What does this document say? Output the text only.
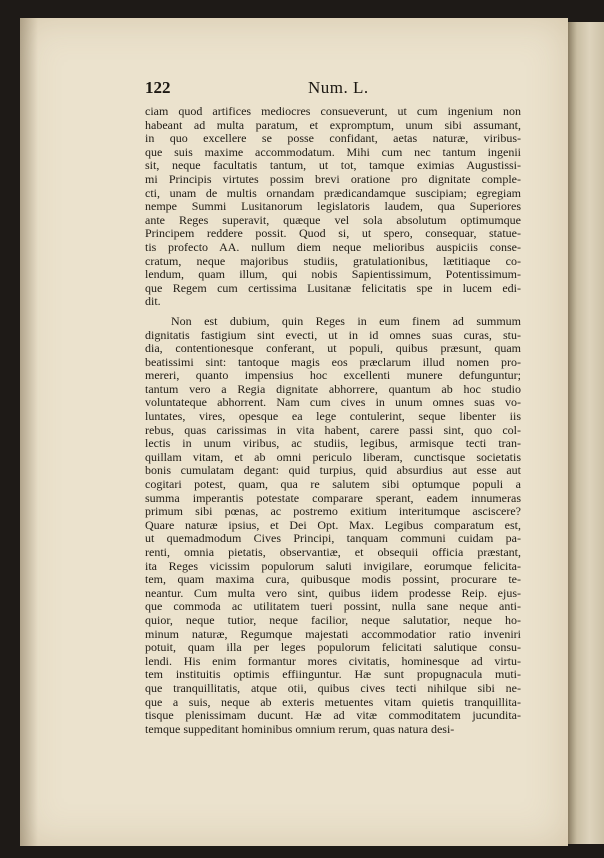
122	Num. L.
ciam quod artifices mediocres consueverunt, ut cum ingenium non
habeant ad multa paratum, et expromptum, unum sibi assumant,
in quo excellere se posse confidant, aetas naturæ, viribus-
que suis maxime accommodatum. Mihi cum nec tantum ingenii
sit, neque facultatis tantum, ut tot, tamque eximias Augustissi-
mi Principis virtutes possim brevi oratione pro dignitate comple-
cti, unam de multis ornandam prædicandamque suscipiam; egregiam
nempe Summi Lusitanorum legislatoris laudem, qua Superiores
ante Reges superavit, quæque vel sola absolutum optimumque
Principem reddere possit. Quod si, ut spero, consequar, statue-
tis profecto AA. nullum diem neque melioribus auspiciis conse-
cratum, neque majoribus studiis, gratulationibus, lætitiaque co-
lendum, quam illum, qui nobis Sapientissimum, Potentissimum-
que Regem cum certissima Lusitanæ felicitatis spe in lucem edi-
dit.
Non est dubium, quin Reges in eum finem ad summum
dignitatis fastigium sint evecti, ut in id omnes suas curas, stu-
dia, contentionesque conferant, ut populi, quibus præsunt, quam
beatissimi sint: tantoque magis eos præclarum illud nomen pro-
mereri, quanto impensius hoc excellenti munere defunguntur;
tantum vero a Regia dignitate abhorrere, quantum ab hoc studio
voluntateque abhorrent. Nam cum cives in unum omnes suas vo-
luntates, vires, opesque ea lege contulerint, seque libenter iis
rebus, quas carissimas in vita habent, carere passi sint, quo col-
lectis in unum viribus, ac studiis, legibus, armisque tecti tran-
quillam vitam, et ab omni periculo liberam, cunctisque societatis
bonis cumulatam degant: quid turpius, quid absurdius aut esse aut
cogitari potest, quam, qua re salutem sibi optumque populi a
summa imperantis potestate comparare sperant, eadem innumeras
primum sibi pœnas, ac postremo exitium interitumque asciscere?
Quare naturæ ipsius, et Dei Opt. Max. Legibus comparatum est,
ut quemadmodum Cives Principi, tanquam communi cuidam pa-
renti, omnia pietatis, observantiæ, et obsequii officia præstant,
ita Reges vicissim populorum saluti invigilare, eorumque felicita-
tem, quam maxima cura, quibusque modis possint, procurare te-
neantur. Cum multa vero sint, quibus iidem prodesse Reip. ejus-
que commoda ac utilitatem tueri possint, nulla sane neque anti-
quior, neque tutior, neque facilior, neque salutatior, neque ho-
minum naturæ, Regumque majestati accommodatior ratio inveniri
potuit, quam illa per leges populorum felicitati salutique consu-
lendi. His enim formantur mores civitatis, hominesque ad virtu-
tem instituitis optimis effiinguntur. Hæ sunt propugnacula muti-
que tranquillitatis, atque otii, quibus cives tecti nihilque sibi ne-
que a suis, neque ab exteris metuentes vitam quietis tranquillita-
tisque plenissimam ducunt. Hæ ad vitæ commoditatem jucundita-
temque suppeditant hominibus omnium rerum, quas natura desi-
